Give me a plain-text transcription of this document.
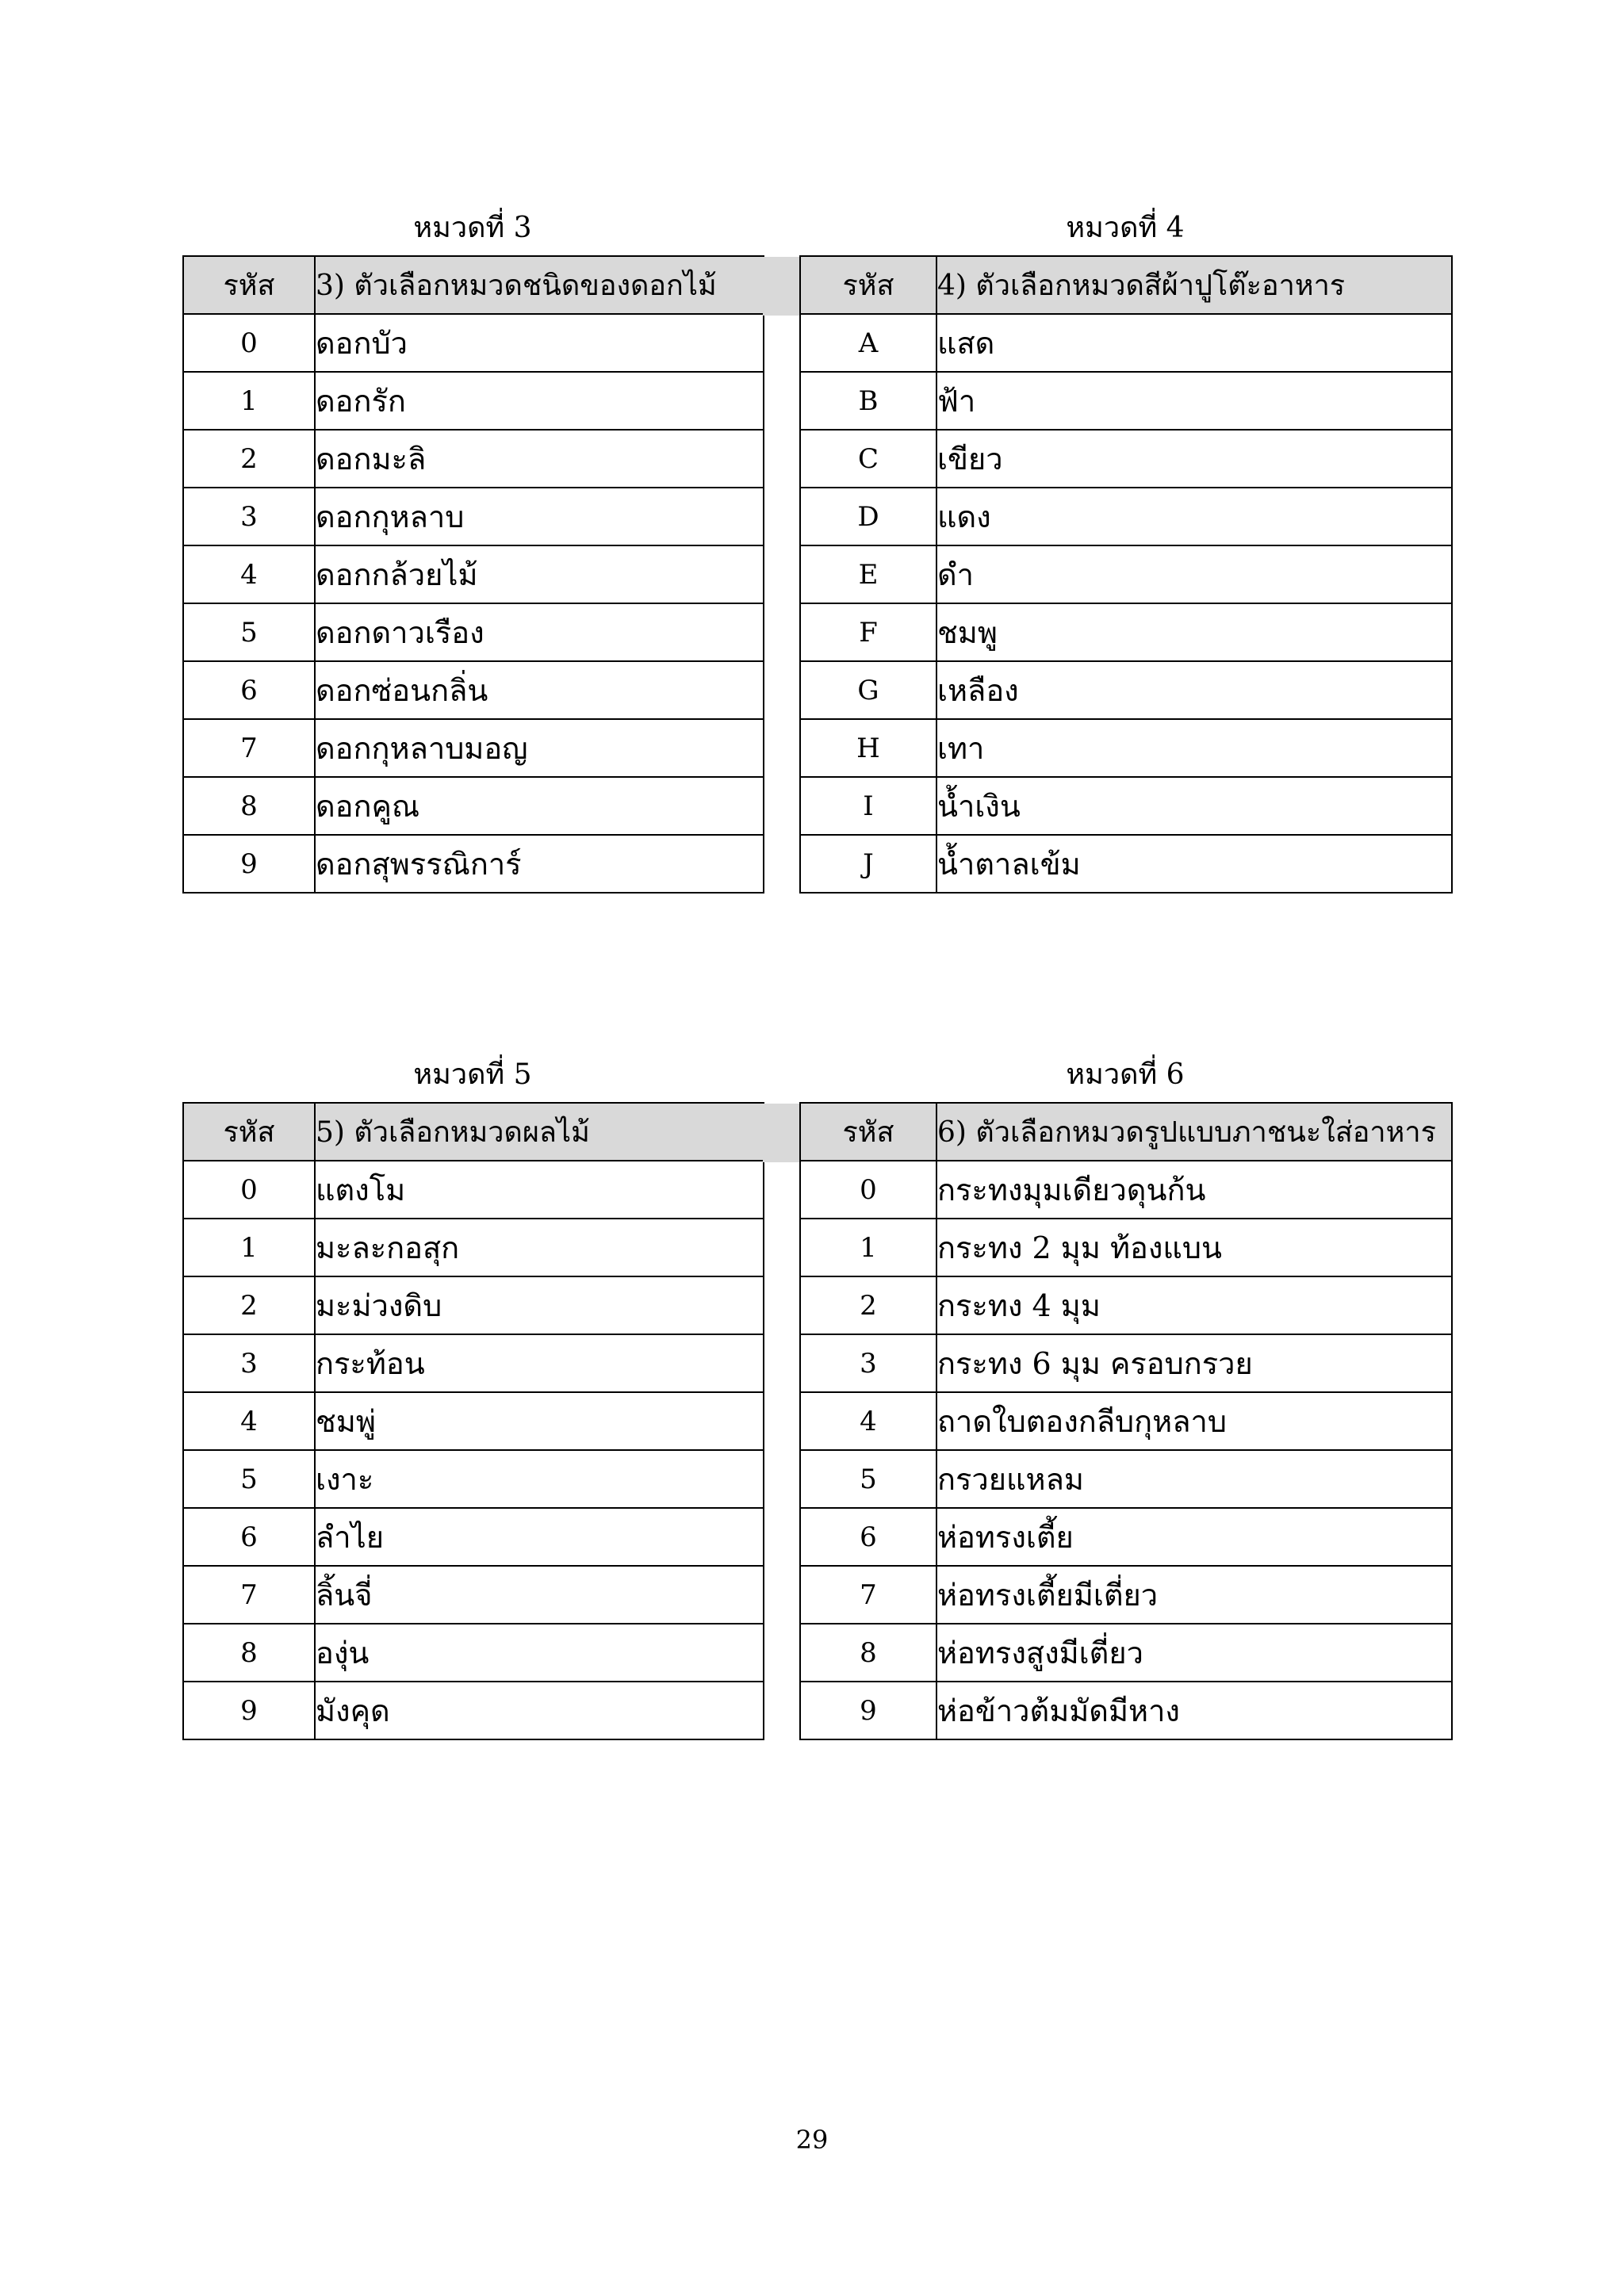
หมวดที่ 3
รหัส	3) ตัวเลือกหมวดชนิดของดอกไม้
0	ดอกบัว
1	ดอกรัก
2	ดอกมะลิ
3	ดอกกุหลาบ
4	ดอกกล้วยไม้
5	ดอกดาวเรือง
6	ดอกซ่อนกลิ่น
7	ดอกกุหลาบมอญ
8	ดอกคูณ
9	ดอกสุพรรณิการ์
หมวดที่ 4
รหัส	4) ตัวเลือกหมวดสีผ้าปูโต๊ะอาหาร
A	แสด
B	ฟ้า
C	เขียว
D	แดง
E	ดำ
F	ชมพู
G	เหลือง
H	เทา
I	น้ำเงิน
J	น้ำตาลเข้ม
หมวดที่ 5
รหัส	5) ตัวเลือกหมวดผลไม้
0	แตงโม
1	มะละกอสุก
2	มะม่วงดิบ
3	กระท้อน
4	ชมพู่
5	เงาะ
6	ลำไย
7	ลิ้นจี่
8	องุ่น
9	มังคุด
หมวดที่ 6
รหัส	6) ตัวเลือกหมวดรูปแบบภาชนะใส่อาหาร
0	กระทงมุมเดียวดุนก้น
1	กระทง 2 มุม ท้องแบน
2	กระทง 4 มุม
3	กระทง 6 มุม ครอบกรวย
4	ถาดใบตองกลีบกุหลาบ
5	กรวยแหลม
6	ห่อทรงเตี้ย
7	ห่อทรงเตี้ยมีเตี่ยว
8	ห่อทรงสูงมีเตี่ยว
9	ห่อข้าวต้มมัดมีหาง
29
